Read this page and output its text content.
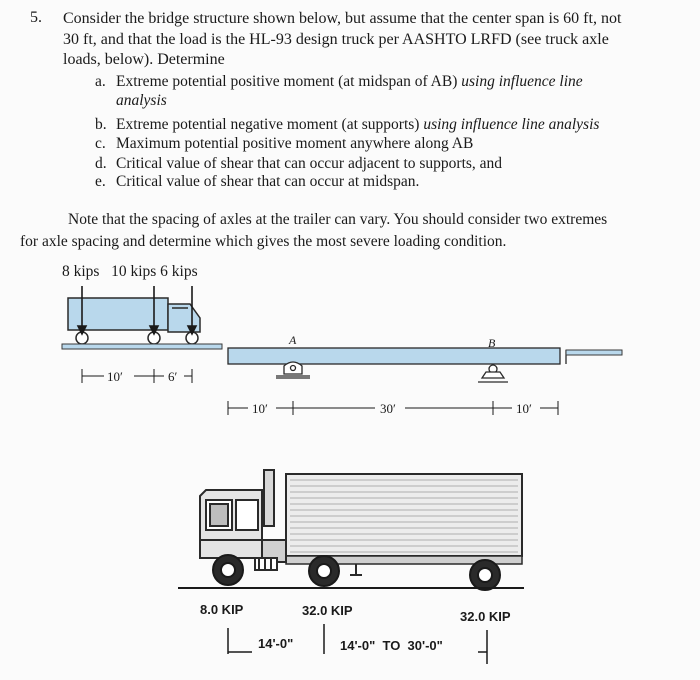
5. Consider the bridge structure shown below, but assume that the center span is 60 ft, not
30 ft, and that the load is the HL-93 design truck per AASHTO LRFD (see truck axle
loads, below). Determine
a. Extreme potential positive moment (at midspan of AB) using influence line
analysis
b. Extreme potential negative moment (at supports) using influence line analysis
c. Maximum potential positive moment anywhere along AB
d. Critical value of shear that can occur adjacent to supports, and
e. Critical value of shear that can occur at midspan.
Note that the spacing of axles at the trailer can vary. You should consider two extremes
for axle spacing and determine which gives the most severe loading condition.
8 kips   10 kips 6 kips
A	B
10′	6′
10′	30′	10′
8.0 KIP	32.0 KIP	32.0 KIP
14'-0"	14'-0"  TO  30'-0"
